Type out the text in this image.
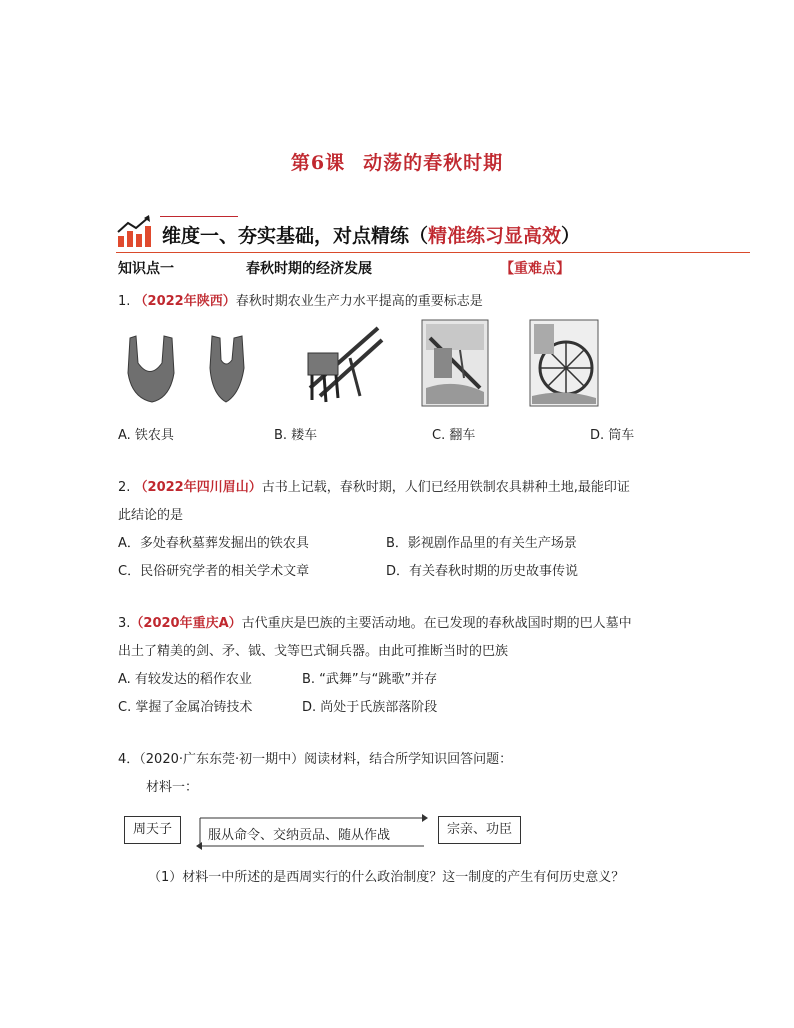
第6课 动荡的春秋时期
维度一、夯实基础，对点精练（精准练习显高效）
知识点一	春秋时期的经济发展	【重难点】
1. （2022年陕西）春秋时期农业生产力水平提高的重要标志是
A. 铁农具	B. 耧车	C. 翻车	D. 筒车
2. （2022年四川眉山）古书上记载，春秋时期，人们已经用铁制农具耕种土地,最能印证
此结论的是
A．多处春秋墓葬发掘出的铁农具	B．影视剧作品里的有关生产场景
C．民俗研究学者的相关学术文章	D．有关春秋时期的历史故事传说
3.（2020年重庆A）古代重庆是巴族的主要活动地。在已发现的春秋战国时期的巴人墓中
出土了精美的剑、矛、钺、戈等巴式铜兵器。由此可推断当时的巴族
A. 有较发达的稻作农业	B. “武舞”与“跳歌”并存
C. 掌握了金属冶铸技术	D. 尚处于氏族部落阶段
4．（2020·广东东莞·初一期中）阅读材料，结合所学知识回答问题：
材料一：
周天子	服从命令、交纳贡品、随从作战	宗亲、功臣
（1）材料一中所述的是西周实行的什么政治制度？这一制度的产生有何历史意义？
